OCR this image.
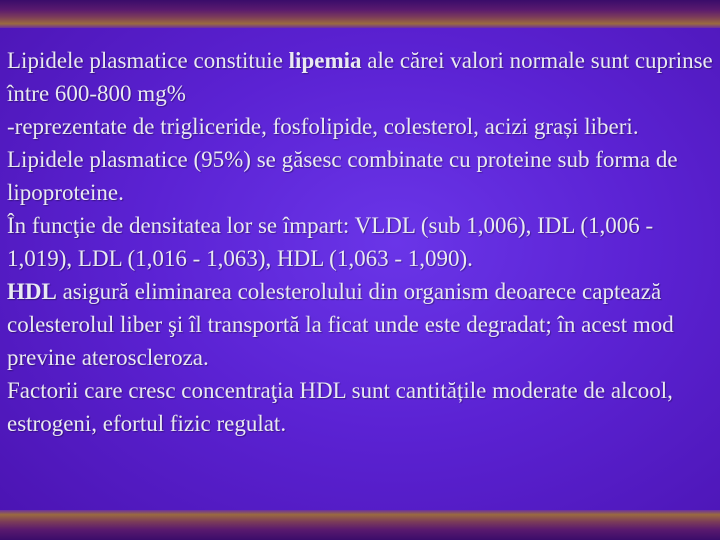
Lipidele plasmatice constituie lipemia ale cărei valori normale sunt cuprinse între 600-800 mg%

-reprezentate de trigliceride, fosfolipide, colesterol, acizi grași liberi.

Lipidele plasmatice (95%) se găsesc combinate cu proteine sub forma de lipoproteine.

În funcţie de densitatea lor se împart: VLDL (sub 1,006), IDL (1,006 - 1,019), LDL (1,016 - 1,063), HDL (1,063 - 1,090).

HDL asigură eliminarea colesterolului din organism deoarece captează colesterolul liber şi îl transportă la ficat unde este degradat; în acest mod previne ateroscleroza.

Factorii care cresc concentraţia HDL sunt cantitățile moderate de alcool, estrogeni, efortul fizic regulat.
